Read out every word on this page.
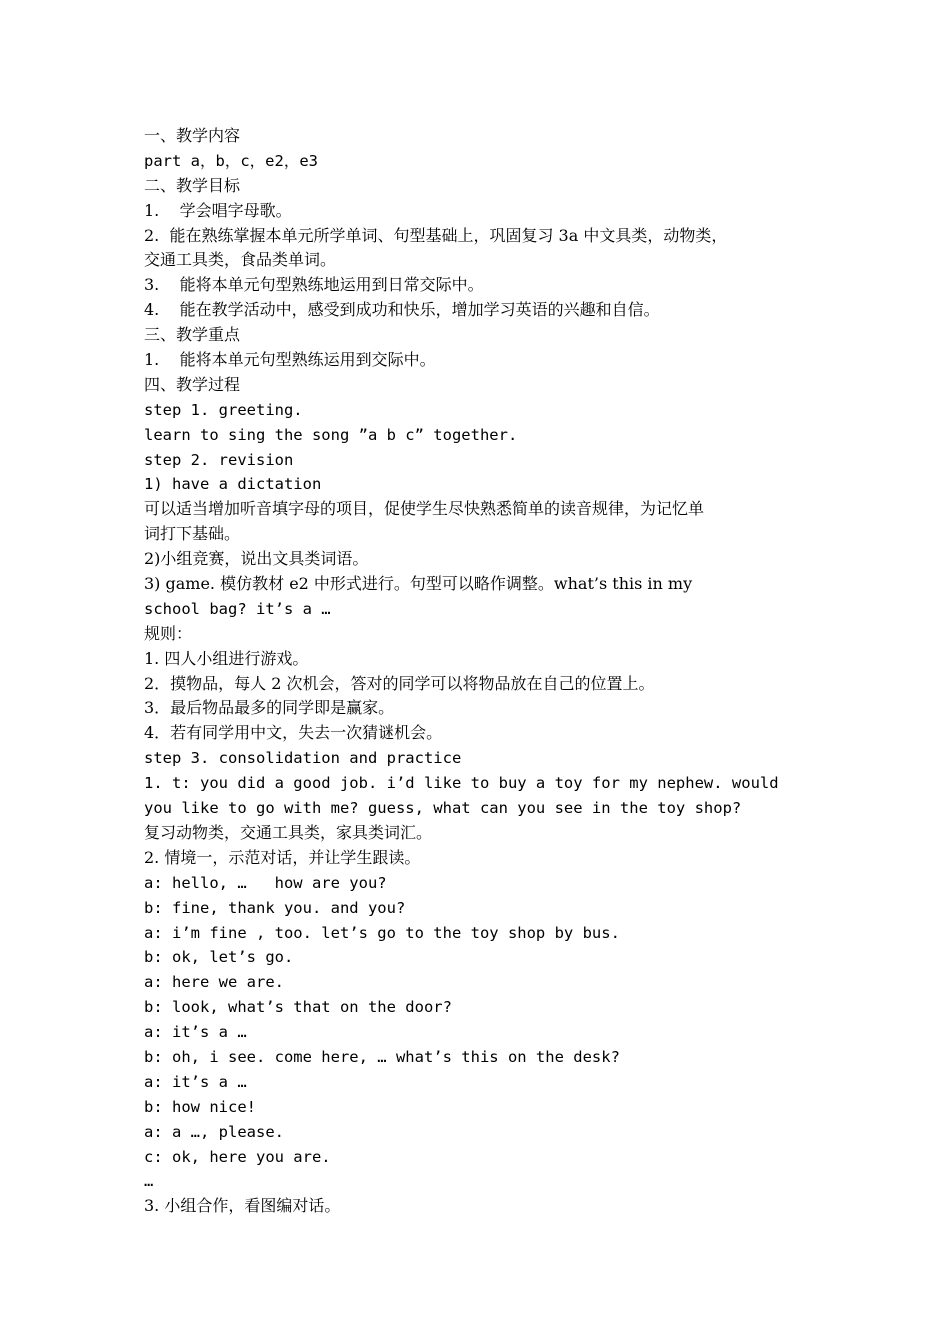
一、教学内容
part a，b，c，e2，e3
二、教学目标
1.    学会唱字母歌。
2.  能在熟练掌握本单元所学单词、句型基础上，巩固复习 3a 中文具类，动物类，
交通工具类，食品类单词。
3.    能将本单元句型熟练地运用到日常交际中。
4.    能在教学活动中，感受到成功和快乐，增加学习英语的兴趣和自信。
三、教学重点
1.    能将本单元句型熟练运用到交际中。
四、教学过程
step 1. greeting.
learn to sing the song ”a b c” together.
step 2. revision
1) have a dictation
可以适当增加听音填字母的项目，促使学生尽快熟悉简单的读音规律，为记忆单
词打下基础。
2)小组竞赛，说出文具类词语。
3) game. 模仿教材 e2 中形式进行。句型可以略作调整。what’s this in my
school bag? it’s a …
规则：
1. 四人小组进行游戏。
2．摸物品，每人 2 次机会，答对的同学可以将物品放在自己的位置上。
3．最后物品最多的同学即是赢家。
4．若有同学用中文，失去一次猜谜机会。
step 3. consolidation and practice
1. t: you did a good job. i’d like to buy a toy for my nephew. would
you like to go with me? guess, what can you see in the toy shop?
复习动物类，交通工具类，家具类词汇。
2. 情境一，示范对话，并让学生跟读。
a: hello, …   how are you?
b: fine, thank you. and you?
a: i’m fine , too. let’s go to the toy shop by bus.
b: ok, let’s go.
a: here we are.
b: look, what’s that on the door?
a: it’s a …
b: oh, i see. come here, … what’s this on the desk?
a: it’s a …
b: how nice!
a: a …, please.
c: ok, here you are.
…
3. 小组合作，看图编对话。
